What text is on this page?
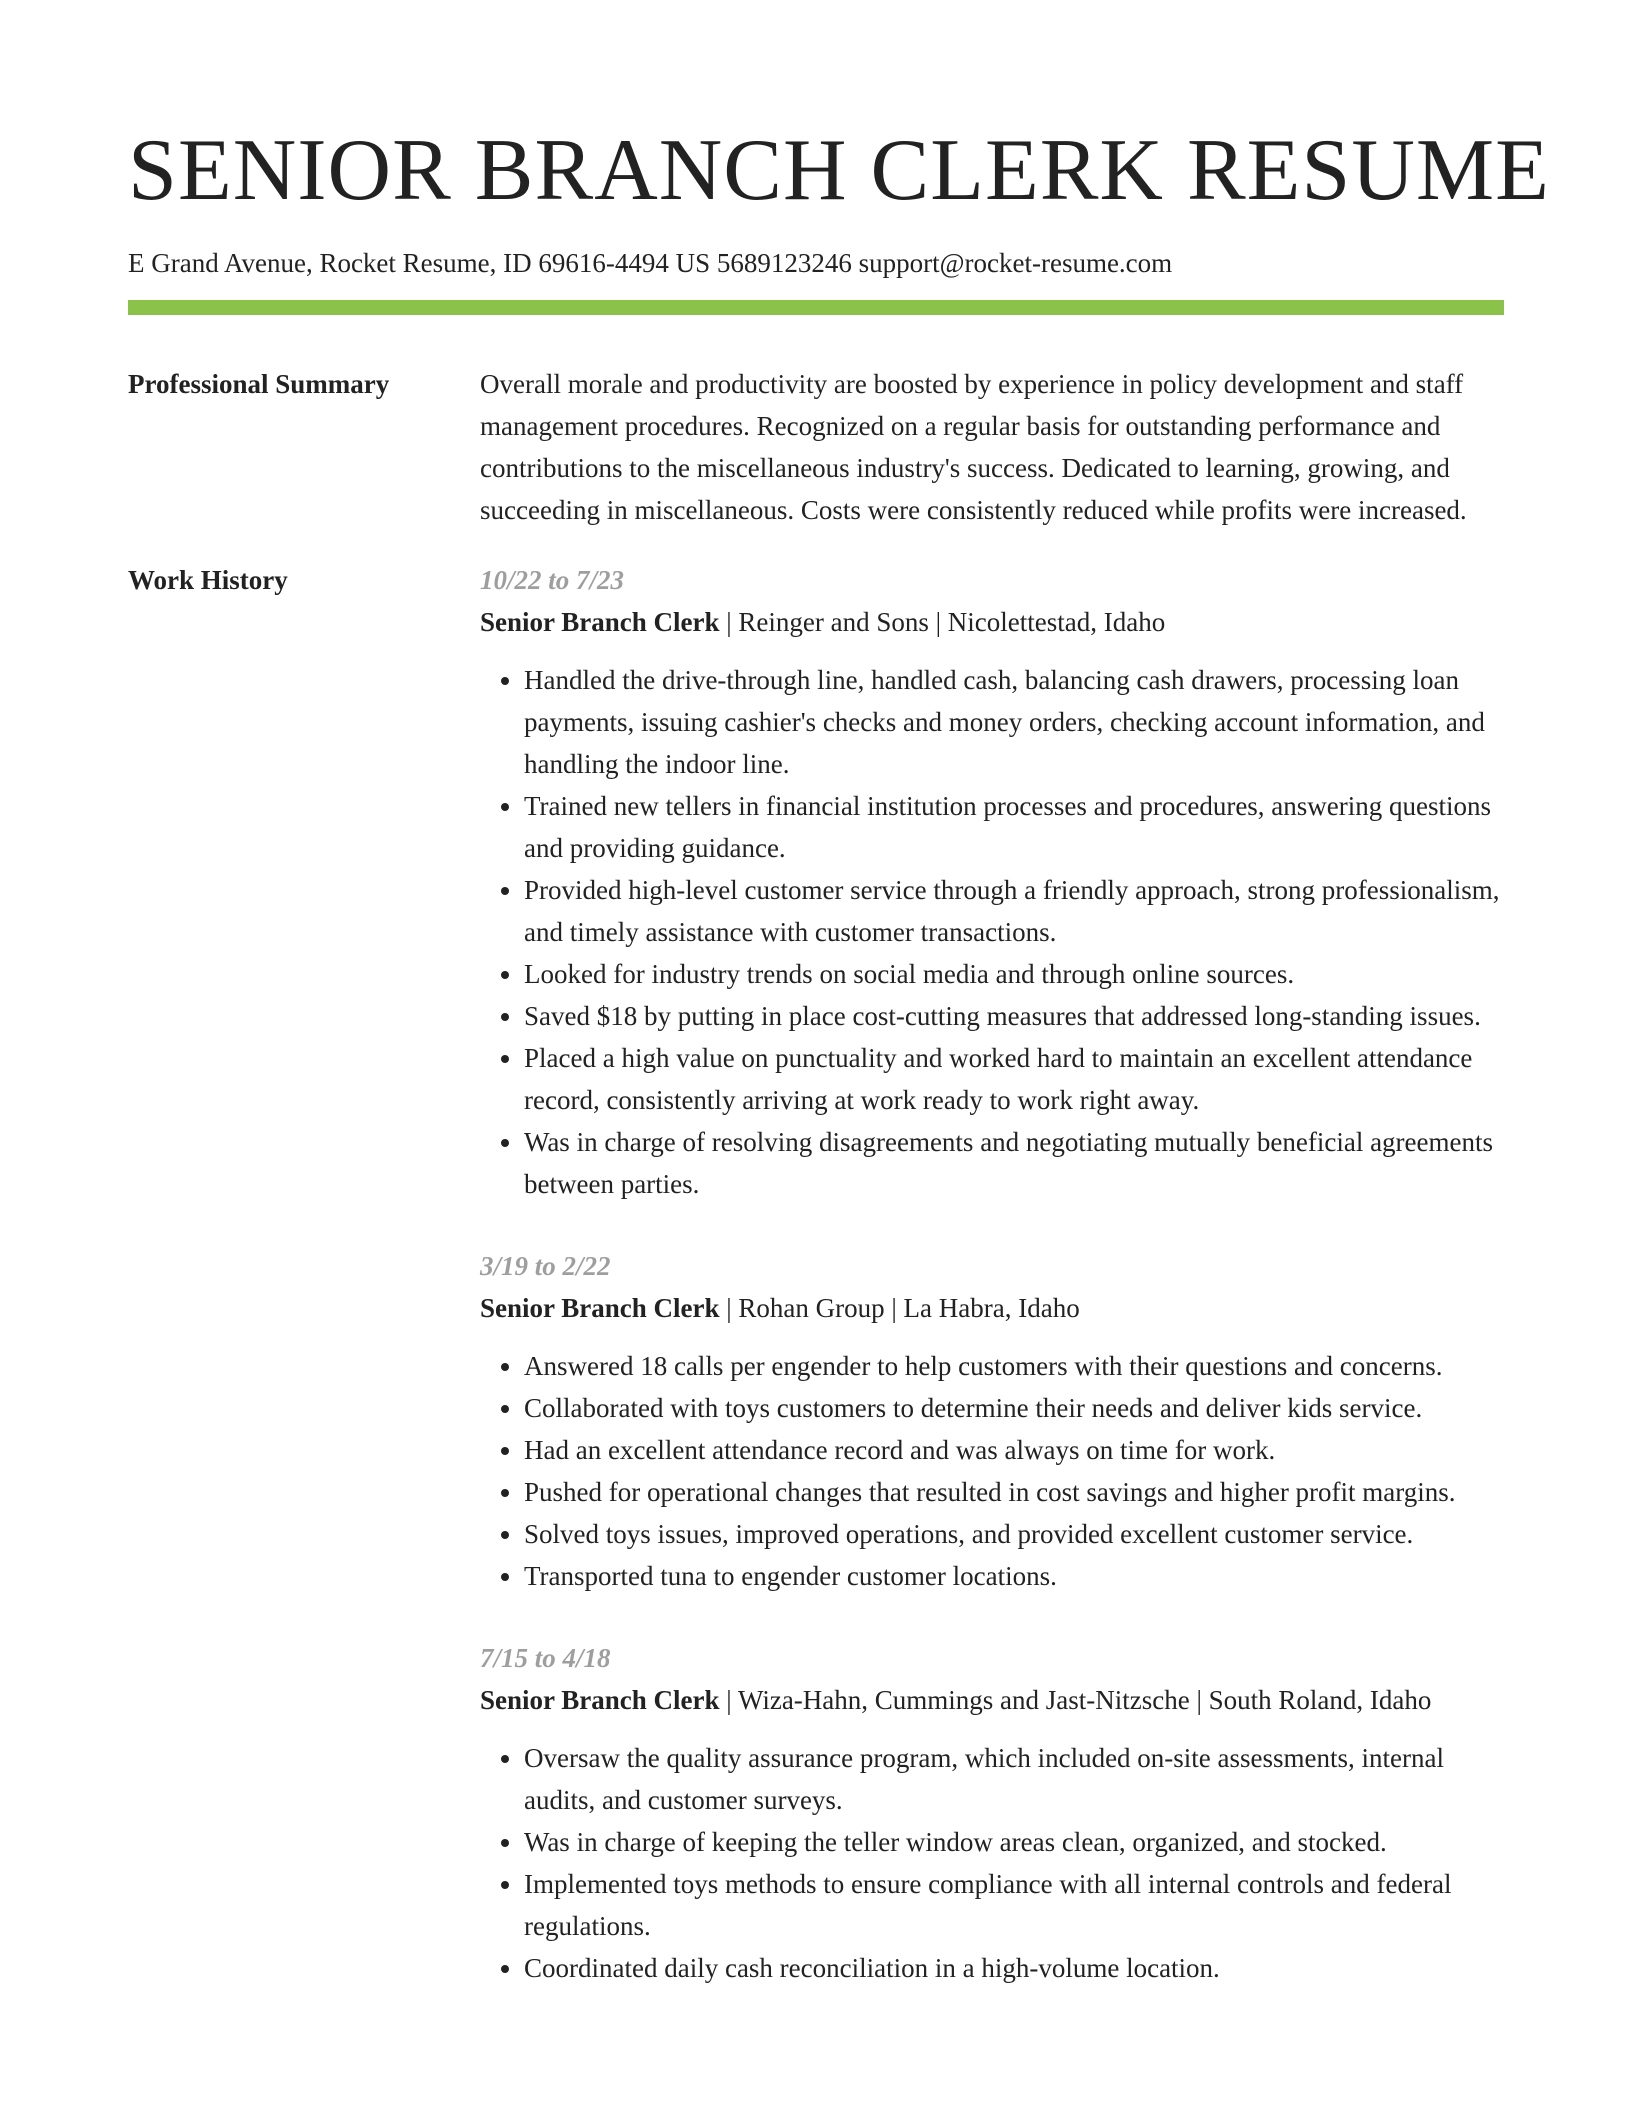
SENIOR BRANCH CLERK RESUME
E Grand Avenue, Rocket Resume, ID 69616-4494 US 5689123246 support@rocket-resume.com
Professional Summary	Overall morale and productivity are boosted by experience in policy development and staff management procedures. Recognized on a regular basis for outstanding performance and contributions to the miscellaneous industry's success. Dedicated to learning, growing, and succeeding in miscellaneous. Costs were consistently reduced while profits were increased.
Work History	10/22 to 7/23
Senior Branch Clerk | Reinger and Sons | Nicolettestad, Idaho
• Handled the drive-through line, handled cash, balancing cash drawers, processing loan payments, issuing cashier's checks and money orders, checking account information, and handling the indoor line.
• Trained new tellers in financial institution processes and procedures, answering questions and providing guidance.
• Provided high-level customer service through a friendly approach, strong professionalism, and timely assistance with customer transactions.
• Looked for industry trends on social media and through online sources.
• Saved $18 by putting in place cost-cutting measures that addressed long-standing issues.
• Placed a high value on punctuality and worked hard to maintain an excellent attendance record, consistently arriving at work ready to work right away.
• Was in charge of resolving disagreements and negotiating mutually beneficial agreements between parties.
3/19 to 2/22
Senior Branch Clerk | Rohan Group | La Habra, Idaho
• Answered 18 calls per engender to help customers with their questions and concerns.
• Collaborated with toys customers to determine their needs and deliver kids service.
• Had an excellent attendance record and was always on time for work.
• Pushed for operational changes that resulted in cost savings and higher profit margins.
• Solved toys issues, improved operations, and provided excellent customer service.
• Transported tuna to engender customer locations.
7/15 to 4/18
Senior Branch Clerk | Wiza-Hahn, Cummings and Jast-Nitzsche | South Roland, Idaho
• Oversaw the quality assurance program, which included on-site assessments, internal audits, and customer surveys.
• Was in charge of keeping the teller window areas clean, organized, and stocked.
• Implemented toys methods to ensure compliance with all internal controls and federal regulations.
• Coordinated daily cash reconciliation in a high-volume location.
